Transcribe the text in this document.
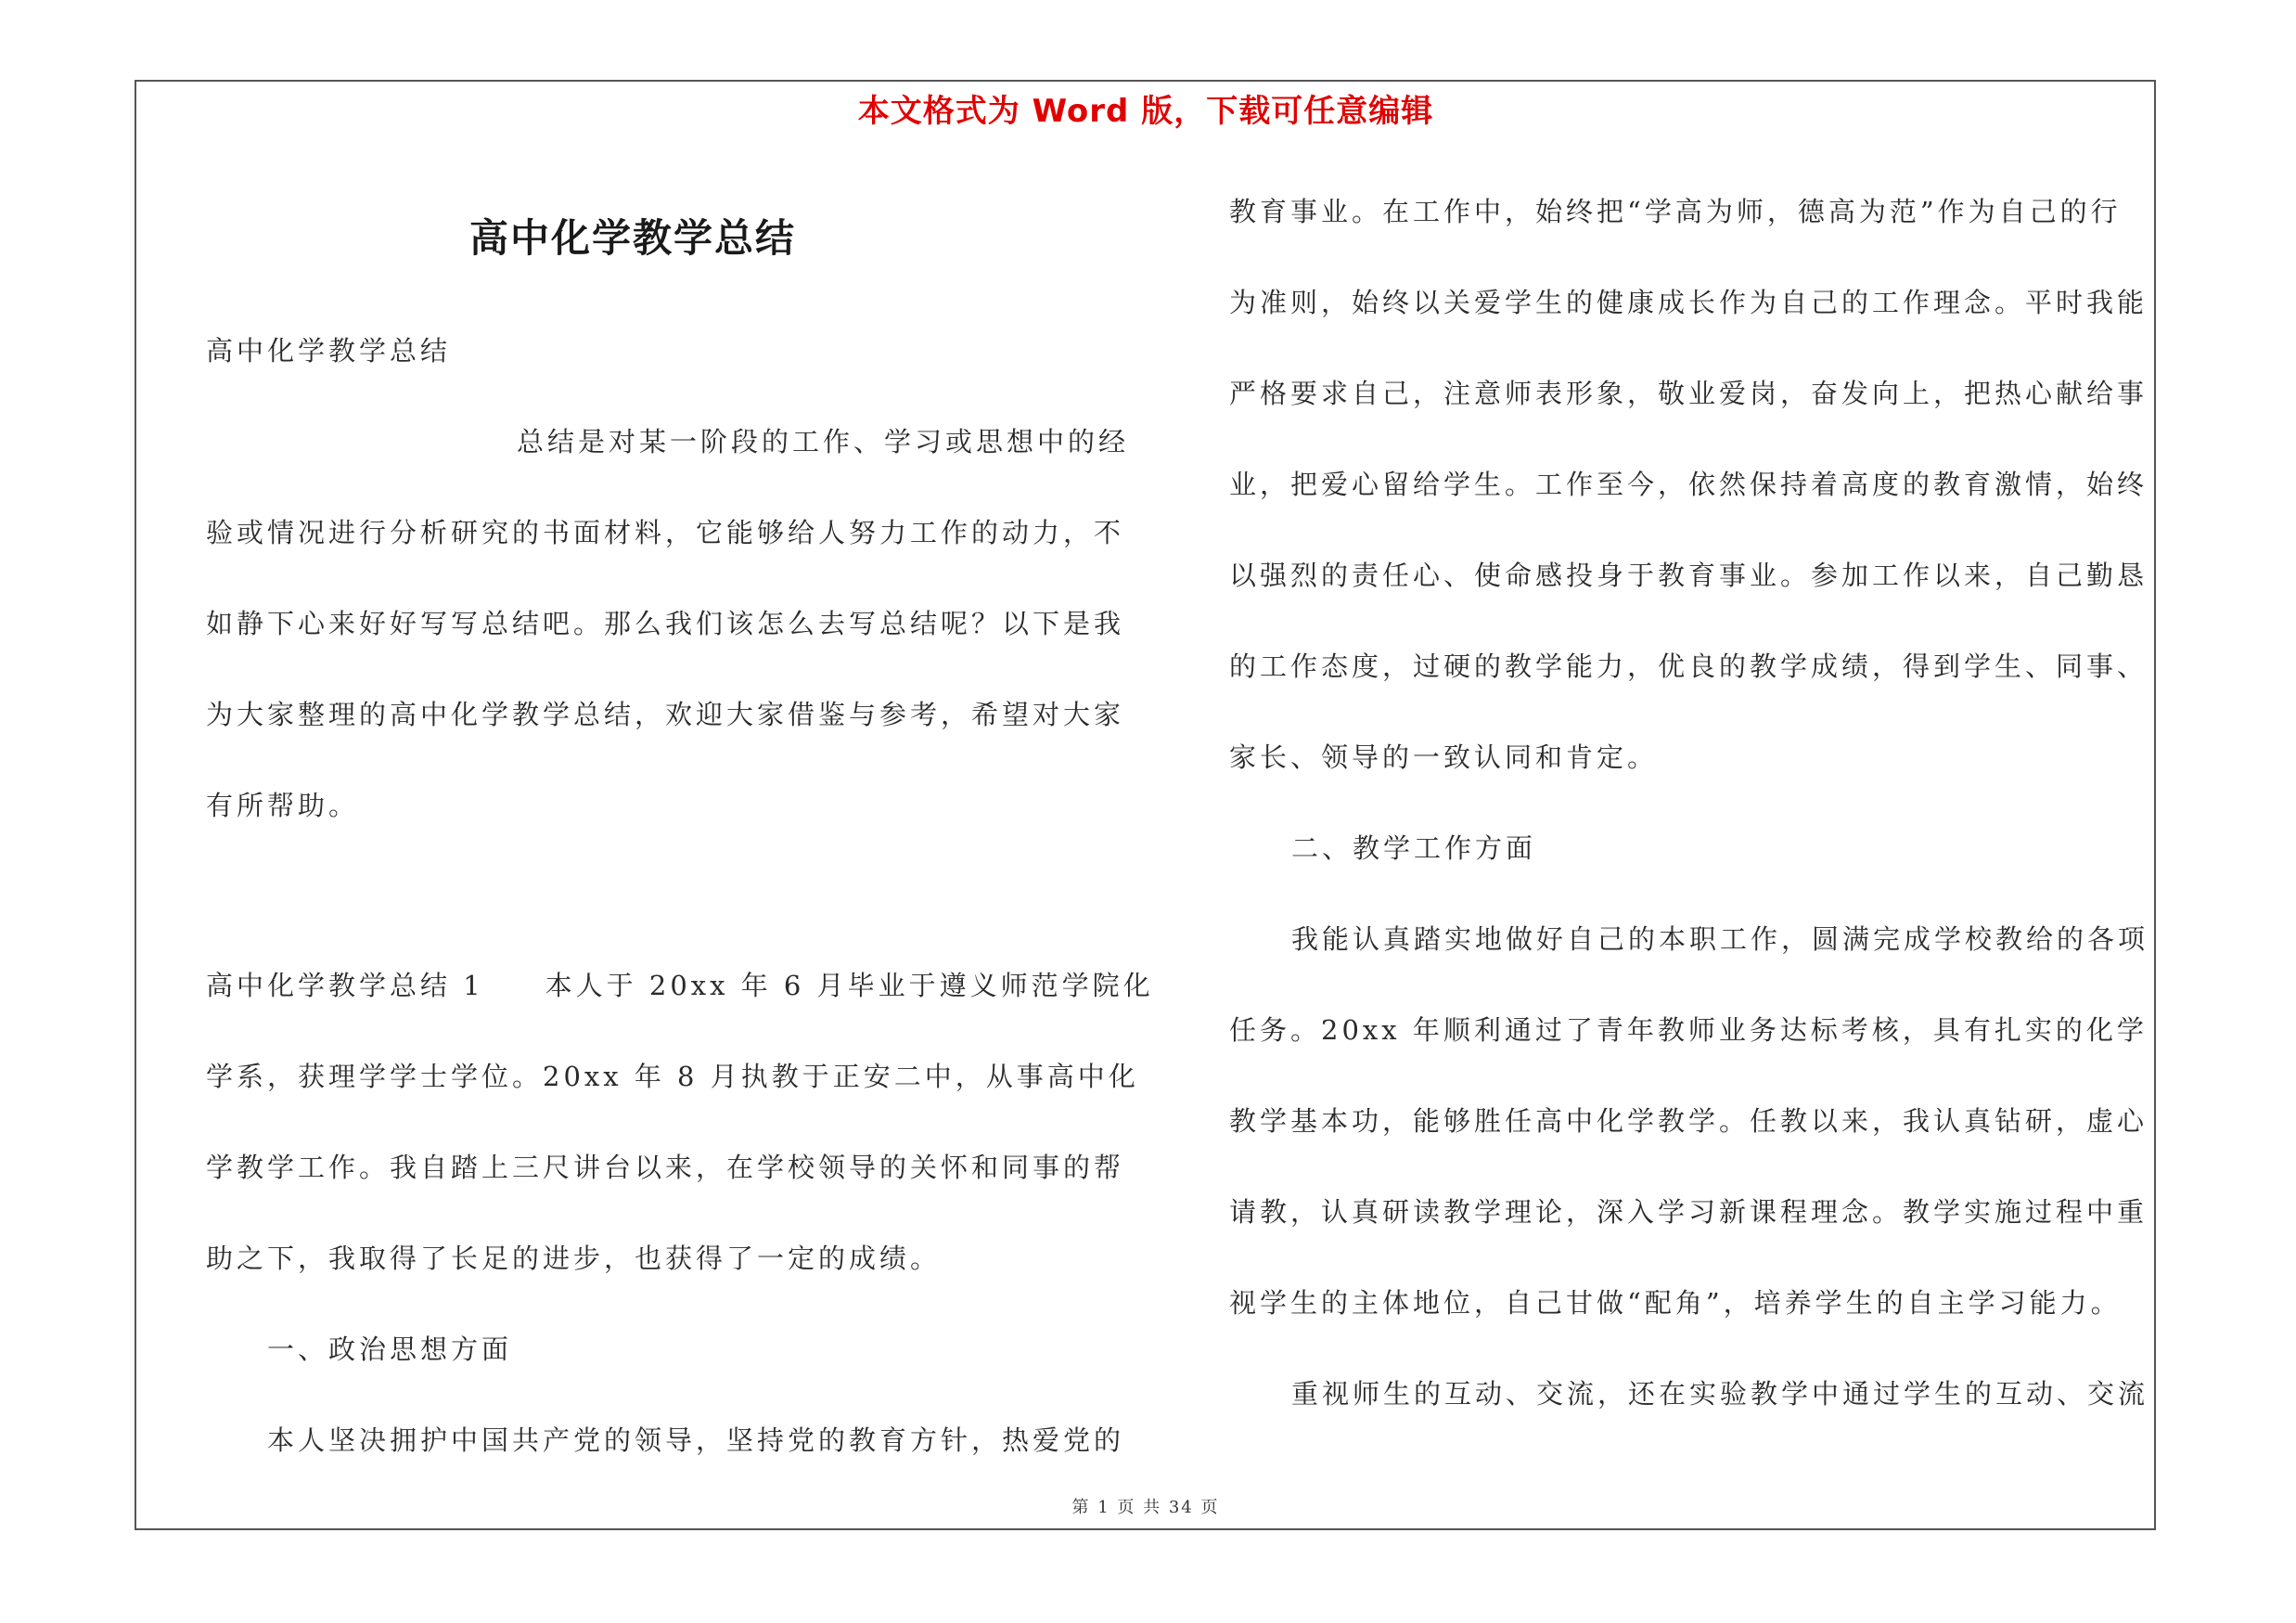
本文格式为 Word 版，下载可任意编辑
高中化学教学总结
高中化学教学总结
总结是对某一阶段的工作、学习或思想中的经
验或情况进行分析研究的书面材料，它能够给人努力工作的动力，不
如静下心来好好写写总结吧。那么我们该怎么去写总结呢？以下是我
为大家整理的高中化学教学总结，欢迎大家借鉴与参考，希望对大家
有所帮助。
高中化学教学总结 1　　本人于 20xx 年 6 月毕业于遵义师范学院化
学系，获理学学士学位。20xx 年 8 月执教于正安二中，从事高中化
学教学工作。我自踏上三尺讲台以来，在学校领导的关怀和同事的帮
助之下，我取得了长足的进步，也获得了一定的成绩。
一、政治思想方面
本人坚决拥护中国共产党的领导，坚持党的教育方针，热爱党的
教育事业。在工作中，始终把“学高为师，德高为范”作为自己的行
为准则，始终以关爱学生的健康成长作为自己的工作理念。平时我能
严格要求自己，注意师表形象，敬业爱岗，奋发向上，把热心献给事
业，把爱心留给学生。工作至今，依然保持着高度的教育激情，始终
以强烈的责任心、使命感投身于教育事业。参加工作以来，自己勤恳
的工作态度，过硬的教学能力，优良的教学成绩，得到学生、同事、
家长、领导的一致认同和肯定。
二、教学工作方面
我能认真踏实地做好自己的本职工作，圆满完成学校教给的各项
任务。20xx 年顺利通过了青年教师业务达标考核，具有扎实的化学
教学基本功，能够胜任高中化学教学。任教以来，我认真钻研，虚心
请教，认真研读教学理论，深入学习新课程理念。教学实施过程中重
视学生的主体地位，自己甘做“配角”，培养学生的自主学习能力。
重视师生的互动、交流，还在实验教学中通过学生的互动、交流
第 1 页 共 34 页
